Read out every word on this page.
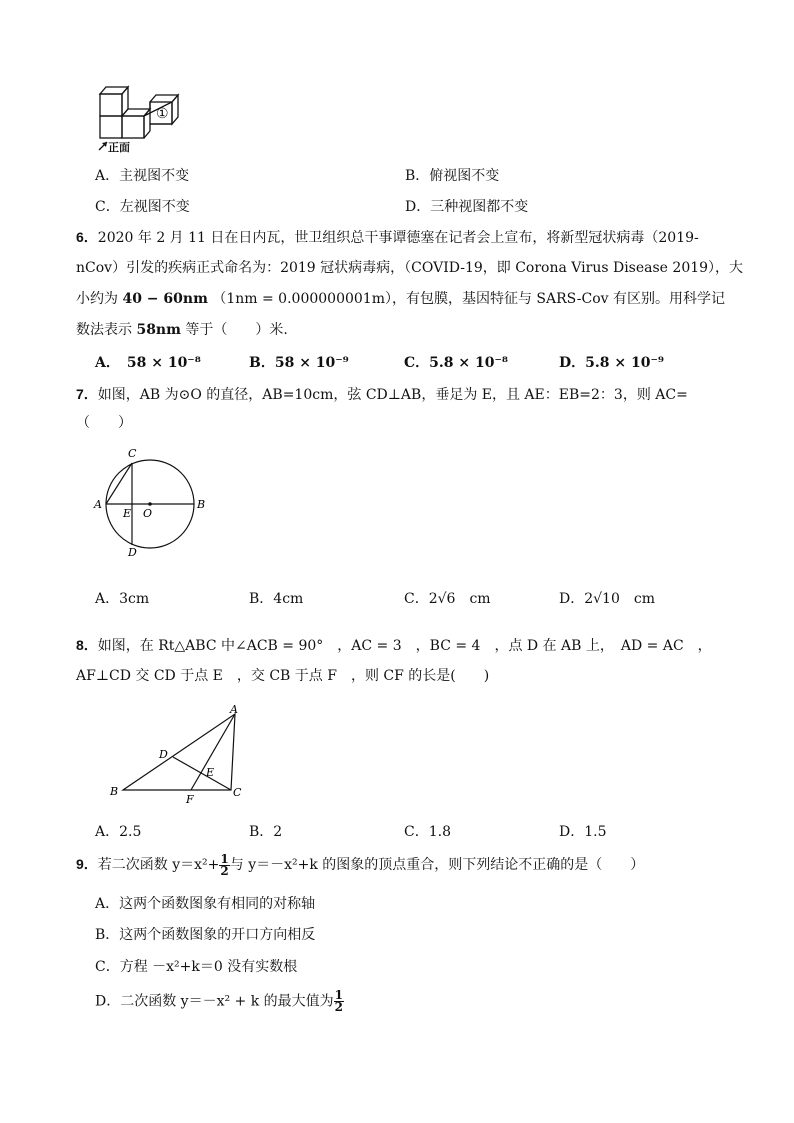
①
正面
A．主视图不变	B．俯视图不变
C．左视图不变	D．三种视图都不变
6．2020 年 2 月 11 日在日内瓦，世卫组织总干事谭德塞在记者会上宣布，将新型冠状病毒（2019-
nCov）引发的疾病正式命名为：2019 冠状病毒病，（COVID-19，即 Corona Virus Disease 2019），大
小约为 40 − 60nm （1nm = 0.000000001m），有包膜，基因特征与 SARS-Cov 有区别。用科学记
数法表示 58nm 等于（　　）米.
A．　58 × 10⁻⁸	B．58 × 10⁻⁹	C．5.8 × 10⁻⁸	D．5.8 × 10⁻⁹
7．如图，AB 为⊙O 的直径，AB=10cm，弦 CD⊥AB，垂足为 E，且 AE：EB=2：3，则 AC=
（　　）
A	B
C
D
E O
A．3cm	B．4cm	C．2√6　cm	D．2√10　cm
8．如图，在 Rt△ABC 中∠ACB = 90°　，AC = 3　，BC = 4　，点 D 在 AB 上，　AD = AC　，
AF⊥CD 交 CD 于点 E　，交 CB 于点 F　，则 CF 的长是(　　)
A
B	C
D
E
F
A．2.5	B．2	C．1.8	D．1.5
9．若二次函数 $y=x^2+ \frac{1}{2}$ 与 y＝－x²+k 的图象的顶点重合，则下列结论不正确的是（　　）
A．这两个函数图象有相同的对称轴
B．这两个函数图象的开口方向相反
C．方程 －x²+k＝0 没有实数根
D．二次函数 y＝－x² + k 的最大值为 $\frac{1}{2}$
